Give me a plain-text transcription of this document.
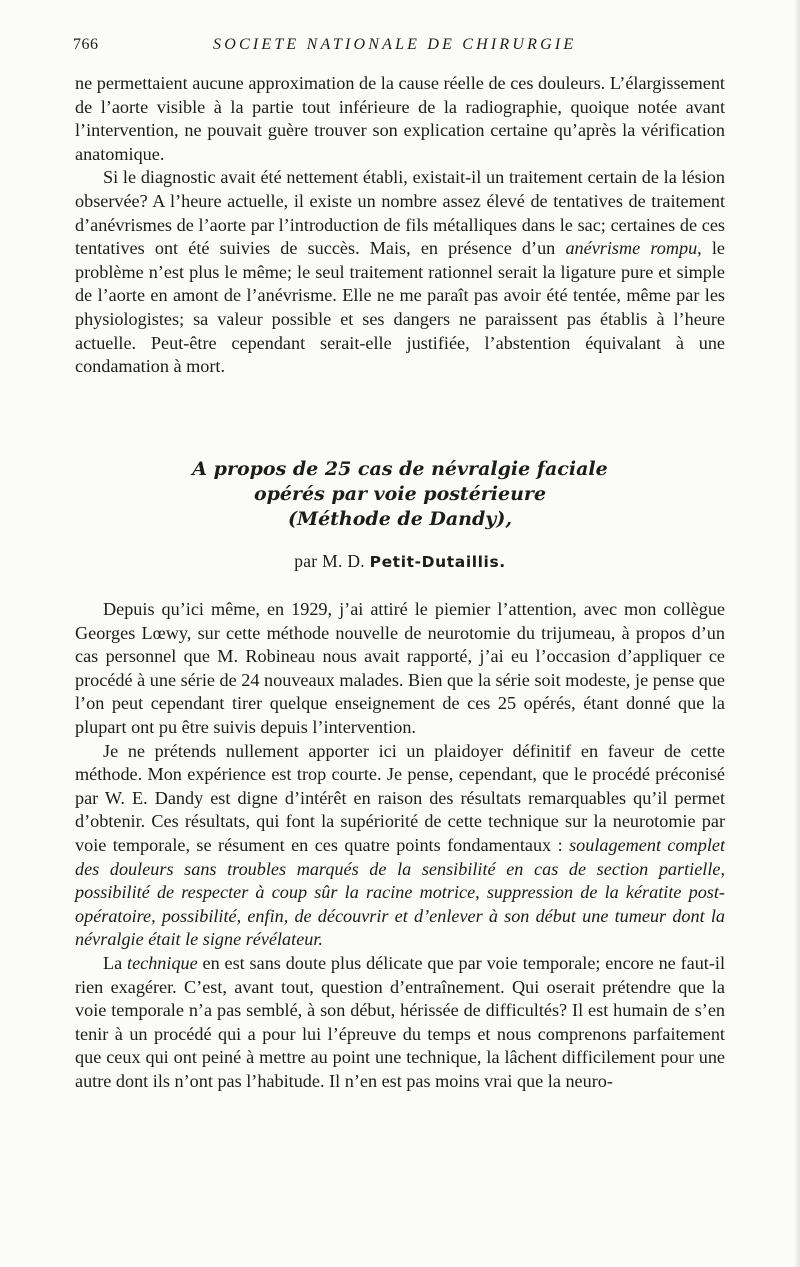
766	SOCIETE NATIONALE DE CHIRURGIE

ne permettaient aucune approximation de la cause réelle de ces douleurs. L’élargissement de l’aorte visible à la partie tout inférieure de la radiographie, quoique notée avant l’intervention, ne pouvait guère trouver son explication certaine qu’après la vérification anatomique.

Si le diagnostic avait été nettement établi, existait-il un traitement certain de la lésion observée? A l’heure actuelle, il existe un nombre assez élevé de tentatives de traitement d’anévrismes de l’aorte par l’introduction de fils métalliques dans le sac; certaines de ces tentatives ont été suivies de succès. Mais, en présence d’un anévrisme rompu, le problème n’est plus le même; le seul traitement rationnel serait la ligature pure et simple de l’aorte en amont de l’anévrisme. Elle ne me paraît pas avoir été tentée, même par les physiologistes; sa valeur possible et ses dangers ne paraissent pas établis à l’heure actuelle. Peut-être cependant serait-elle justifiée, l’abstention équivalant à une condamation à mort.

A propos de 25 cas de névralgie faciale
opérés par voie postérieure
(Méthode de Dandy),
par M. D. Petit-Dutaillis.

Depuis qu’ici même, en 1929, j’ai attiré le piemier l’attention, avec mon collègue Georges Lœwy, sur cette méthode nouvelle de neurotomie du trijumeau, à propos d’un cas personnel que M. Robineau nous avait rapporté, j’ai eu l’occasion d’appliquer ce procédé à une série de 24 nouveaux malades. Bien que la série soit modeste, je pense que l’on peut cependant tirer quelque enseignement de ces 25 opérés, étant donné que la plupart ont pu être suivis depuis l’intervention.

Je ne prétends nullement apporter ici un plaidoyer définitif en faveur de cette méthode. Mon expérience est trop courte. Je pense, cependant, que le procédé préconisé par W. E. Dandy est digne d’intérêt en raison des résultats remarquables qu’il permet d’obtenir. Ces résultats, qui font la supériorité de cette technique sur la neurotomie par voie temporale, se résument en ces quatre points fondamentaux : soulagement complet des douleurs sans troubles marqués de la sensibilité en cas de section partielle, possibilité de respecter à coup sûr la racine motrice, suppression de la kératite post-opératoire, possibilité, enfin, de découvrir et d’enlever à son début une tumeur dont la névralgie était le signe révélateur.

La technique en est sans doute plus délicate que par voie temporale; encore ne faut-il rien exagérer. C’est, avant tout, question d’entraînement. Qui oserait prétendre que la voie temporale n’a pas semblé, à son début, hérissée de difficultés? Il est humain de s’en tenir à un procédé qui a pour lui l’épreuve du temps et nous comprenons parfaitement que ceux qui ont peiné à mettre au point une technique, la lâchent difficilement pour une autre dont ils n’ont pas l’habitude. Il n’en est pas moins vrai que la neuro-
